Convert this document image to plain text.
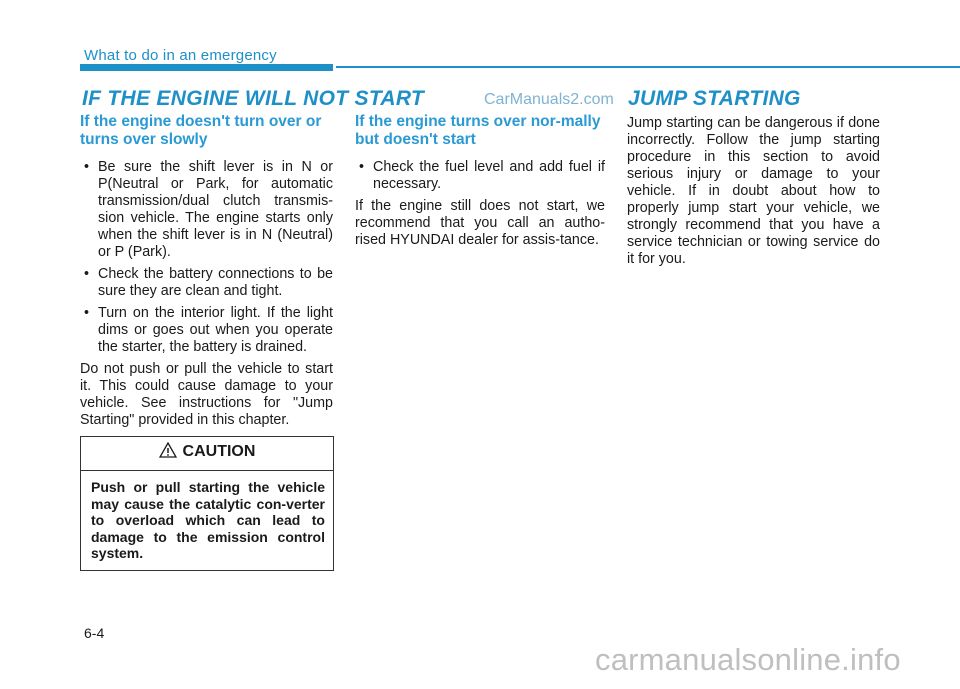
What to do in an emergency
IF THE ENGINE WILL NOT START	CarManuals2.com JUMP STARTING
If the engine doesn't turn over or turns over slowly
• Be sure the shift lever is in N or P(Neutral or Park, for automatic transmission/dual clutch transmis-sion vehicle. The engine starts only when the shift lever is in N (Neutral) or P (Park).
• Check the battery connections to be sure they are clean and tight.
• Turn on the interior light. If the light dims or goes out when you operate the starter, the battery is drained.
Do not push or pull the vehicle to start it. This could cause damage to your vehicle. See instructions for "Jump Starting" provided in this chapter.
CAUTION
Push or pull starting the vehicle may cause the catalytic con-verter to overload which can lead to damage to the emission control system.
If the engine turns over nor-mally but doesn't start
• Check the fuel level and add fuel if necessary.
If the engine still does not start, we recommend that you call an autho-rised HYUNDAI dealer for assis-tance.
Jump starting can be dangerous if done incorrectly. Follow the jump starting procedure in this section to avoid serious injury or damage to your vehicle. If in doubt about how to properly jump start your vehicle, we strongly recommend that you have a service technician or towing service do it for you.
6-4
carmanualsonline.info
